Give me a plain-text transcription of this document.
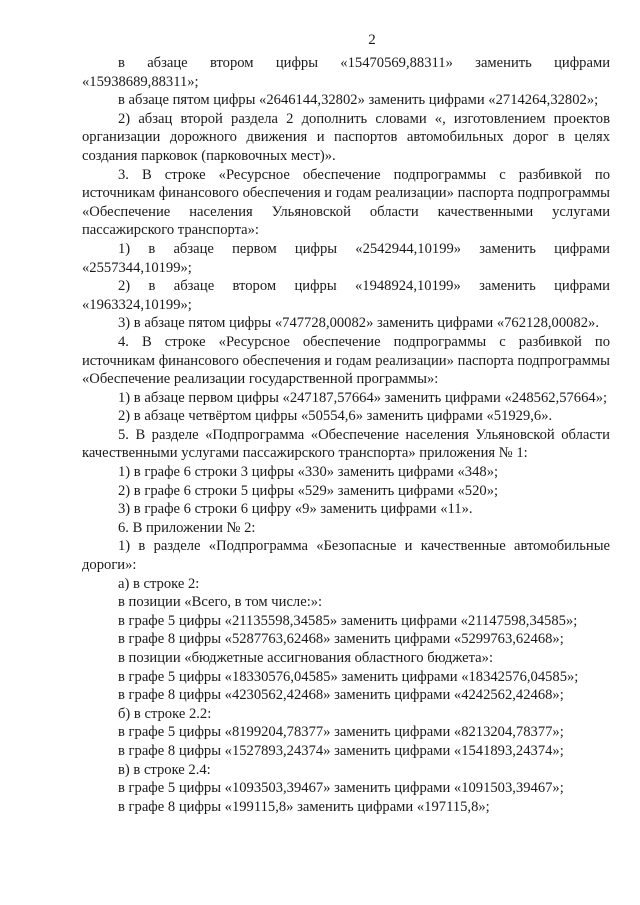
2

в абзаце втором цифры «15470569,88311» заменить цифрами «15938689,88311»;

в абзаце пятом цифры «2646144,32802» заменить цифрами «2714264,32802»;

2) абзац второй раздела 2 дополнить словами «, изготовлением проектов организации дорожного движения и паспортов автомобильных дорог в целях создания парковок (парковочных мест)».

3. В строке «Ресурсное обеспечение подпрограммы с разбивкой по источникам финансового обеспечения и годам реализации» паспорта подпрограммы «Обеспечение населения Ульяновской области качественными услугами пассажирского транспорта»:

1) в абзаце первом цифры «2542944,10199» заменить цифрами «2557344,10199»;

2) в абзаце втором цифры «1948924,10199» заменить цифрами «1963324,10199»;

3) в абзаце пятом цифры «747728,00082» заменить цифрами «762128,00082».

4. В строке «Ресурсное обеспечение подпрограммы с разбивкой по источникам финансового обеспечения и годам реализации» паспорта подпрограммы «Обеспечение реализации государственной программы»:

1) в абзаце первом цифры «247187,57664» заменить цифрами «248562,57664»;

2) в абзаце четвёртом цифры «50554,6» заменить цифрами «51929,6».

5. В разделе «Подпрограмма «Обеспечение населения Ульяновской области качественными услугами пассажирского транспорта» приложения № 1:

1) в графе 6 строки 3 цифры «330» заменить цифрами «348»;

2) в графе 6 строки 5 цифры «529» заменить цифрами «520»;

3) в графе 6 строки 6 цифру «9» заменить цифрами «11».

6. В приложении № 2:

1) в разделе «Подпрограмма «Безопасные и качественные автомобильные дороги»:

а) в строке 2:

в позиции «Всего, в том числе:»:

в графе 5 цифры «21135598,34585» заменить цифрами «21147598,34585»;

в графе 8 цифры «5287763,62468» заменить цифрами «5299763,62468»;

в позиции «бюджетные ассигнования областного бюджета»:

в графе 5 цифры «18330576,04585» заменить цифрами «18342576,04585»;

в графе 8 цифры «4230562,42468» заменить цифрами «4242562,42468»;

б) в строке 2.2:

в графе 5 цифры «8199204,78377» заменить цифрами «8213204,78377»;

в графе 8 цифры «1527893,24374» заменить цифрами «1541893,24374»;

в) в строке 2.4:

в графе 5 цифры «1093503,39467» заменить цифрами «1091503,39467»;

в графе 8 цифры «199115,8» заменить цифрами «197115,8»;
